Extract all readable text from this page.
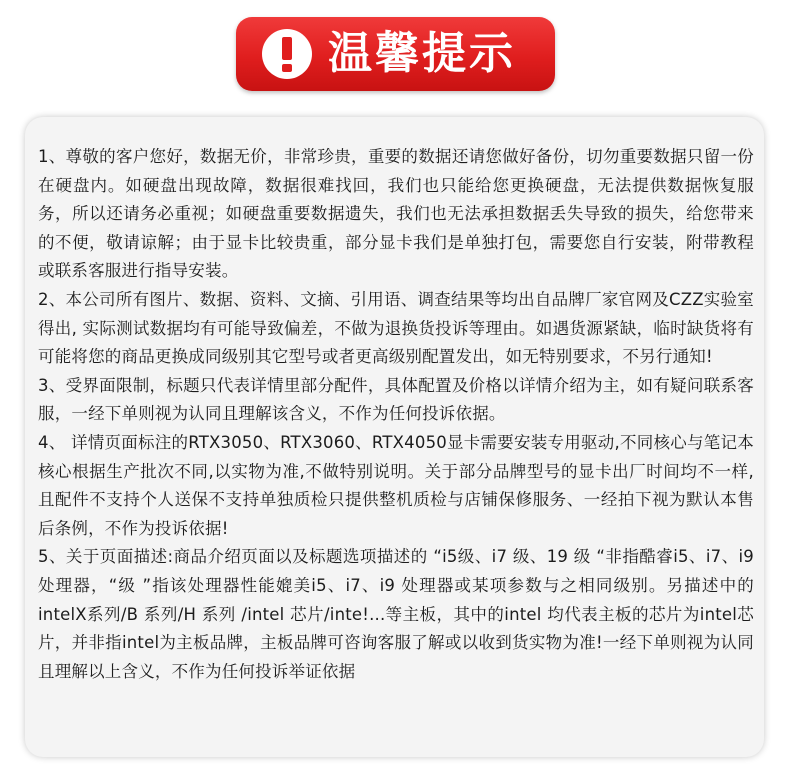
温馨提示

1、尊敬的客户您好，数据无价，非常珍贵，重要的数据还请您做好备份，切勿重要数据只留一份在硬盘内。如硬盘出现故障，数据很难找回，我们也只能给您更换硬盘，无法提供数据恢复服务，所以还请务必重视；如硬盘重要数据遗失，我们也无法承担数据丢失导致的损失，给您带来的不便，敬请谅解；由于显卡比较贵重，部分显卡我们是单独打包，需要您自行安装，附带教程或联系客服进行指导安装。

2、本公司所有图片、数据、资料、文摘、引用语、调查结果等均出自品牌厂家官网及CZZ实验室得出, 实际测试数据均有可能导致偏差，不做为退换货投诉等理由。如遇货源紧缺，临时缺货将有可能将您的商品更换成同级别其它型号或者更高级别配置发出，如无特别要求，不另行通知!

3、受界面限制，标题只代表详情里部分配件，具体配置及价格以详情介绍为主，如有疑问联系客服，一经下单则视为认同且理解该含义，不作为任何投诉依据。

4、 详情页面标注的RTX3050、RTX3060、RTX4050显卡需要安装专用驱动,不同核心与笔记本核心根据生产批次不同,以实物为准,不做特别说明。关于部分品牌型号的显卡出厂时间均不一样,且配件不支持个人送保不支持单独质检只提供整机质检与店铺保修服务、一经拍下视为默认本售后条例，不作为投诉依据!

5、关于页面描述:商品介绍页面以及标题选项描述的 “i5级、i7 级、19 级 “非指酷睿i5、i7、i9处理器，“级 ”指该处理器性能媲美i5、i7、i9 处理器或某项参数与之相同级别。另描述中的intelX系列/B 系列/H 系列 /intel 芯片/inte!...等主板，其中的intel 均代表主板的芯片为intel芯片，并非指intel为主板品牌，主板品牌可咨询客服了解或以收到货实物为准!一经下单则视为认同且理解以上含义，不作为任何投诉举证依据
